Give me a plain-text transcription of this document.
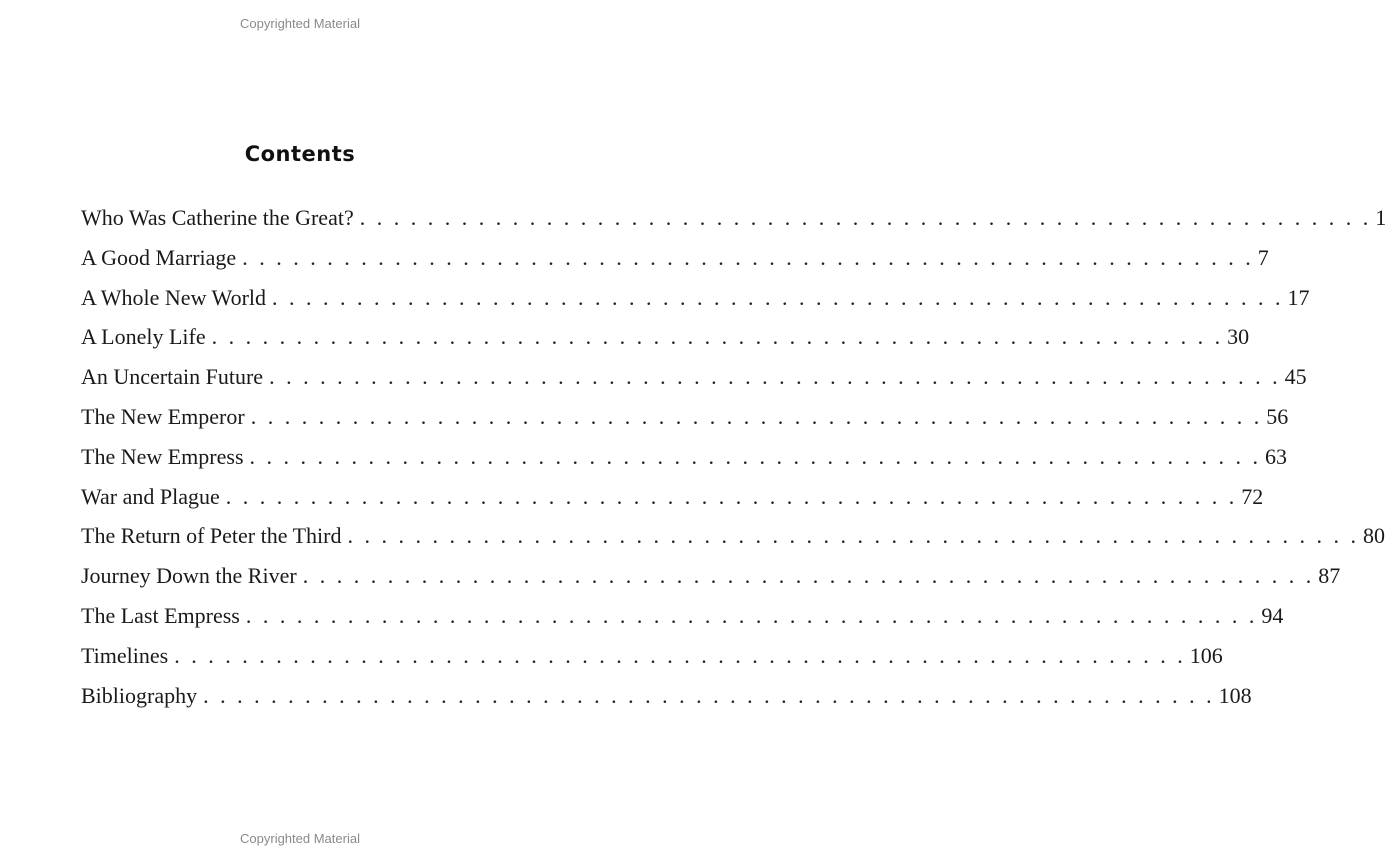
Copyrighted Material
Contents
Who Was Catherine the Great? . . . . . . . . . . . . . . . . . . . . . . . . . . . . . . . . . . . . . . . . . . . . . . . . . . . . . . . . . . . . 1
A Good Marriage . . . . . . . . . . . . . . . . . . . . . . . . . . . . . . . . . . . . . . . . . . . . . . . . . . . . . . . . . . . . 7
A Whole New World . . . . . . . . . . . . . . . . . . . . . . . . . . . . . . . . . . . . . . . . . . . . . . . . . . . . . . . . . . . . 17
A Lonely Life . . . . . . . . . . . . . . . . . . . . . . . . . . . . . . . . . . . . . . . . . . . . . . . . . . . . . . . . . . . . 30
An Uncertain Future . . . . . . . . . . . . . . . . . . . . . . . . . . . . . . . . . . . . . . . . . . . . . . . . . . . . . . . . . . . . 45
The New Emperor . . . . . . . . . . . . . . . . . . . . . . . . . . . . . . . . . . . . . . . . . . . . . . . . . . . . . . . . . . . . 56
The New Empress . . . . . . . . . . . . . . . . . . . . . . . . . . . . . . . . . . . . . . . . . . . . . . . . . . . . . . . . . . . . 63
War and Plague . . . . . . . . . . . . . . . . . . . . . . . . . . . . . . . . . . . . . . . . . . . . . . . . . . . . . . . . . . . . 72
The Return of Peter the Third . . . . . . . . . . . . . . . . . . . . . . . . . . . . . . . . . . . . . . . . . . . . . . . . . . . . . . . . . . . . 80
Journey Down the River . . . . . . . . . . . . . . . . . . . . . . . . . . . . . . . . . . . . . . . . . . . . . . . . . . . . . . . . . . . . 87
The Last Empress . . . . . . . . . . . . . . . . . . . . . . . . . . . . . . . . . . . . . . . . . . . . . . . . . . . . . . . . . . . . 94
Timelines . . . . . . . . . . . . . . . . . . . . . . . . . . . . . . . . . . . . . . . . . . . . . . . . . . . . . . . . . . . . 106
Bibliography . . . . . . . . . . . . . . . . . . . . . . . . . . . . . . . . . . . . . . . . . . . . . . . . . . . . . . . . . . . . 108
Copyrighted Material
